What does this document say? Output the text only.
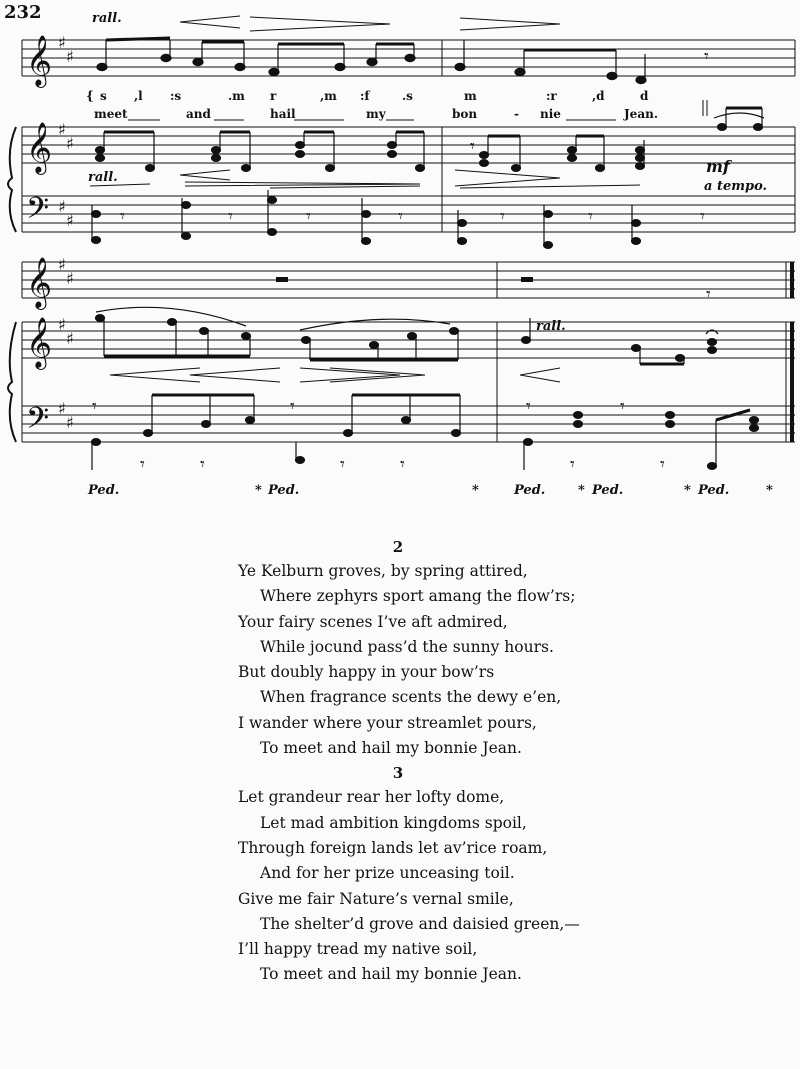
232
𝄞
𝄞
𝄢
𝄞
𝄞
𝄢
♯
♯
♯
♯
♯
♯
♯
♯
♯
♯
♯
♯
𝄾
𝄾	𝄾	𝄾	𝄾	𝄾	𝄾	𝄾
𝄾
𝄾	𝄾	𝄾	𝄾
𝄾	𝄾	𝄾	𝄾	𝄾	𝄾
𝄾
rall.
rall.
mf
a tempo.
rall.
{ s ,l :s	.m r	,m :f	.s	m	:r	,d	d
meet	and	hail	my	bon	- nie	Jean.
Ped.	* Ped.	*	Ped.	* Ped.	* Ped.	*
2
Ye Kelburn groves, by spring attired,
Where zephyrs sport amang the flow’rs;
Your fairy scenes I’ve aft admired,
While jocund pass’d the sunny hours.
But doubly happy in your bow’rs
When fragrance scents the dewy e’en,
I wander where your streamlet pours,
To meet and hail my bonnie Jean.
3
Let grandeur rear her lofty dome,
Let mad ambition kingdoms spoil,
Through foreign lands let av’rice roam,
And for her prize unceasing toil.
Give me fair Nature’s vernal smile,
The shelter’d grove and daisied green,—
I’ll happy tread my native soil,
To meet and hail my bonnie Jean.
